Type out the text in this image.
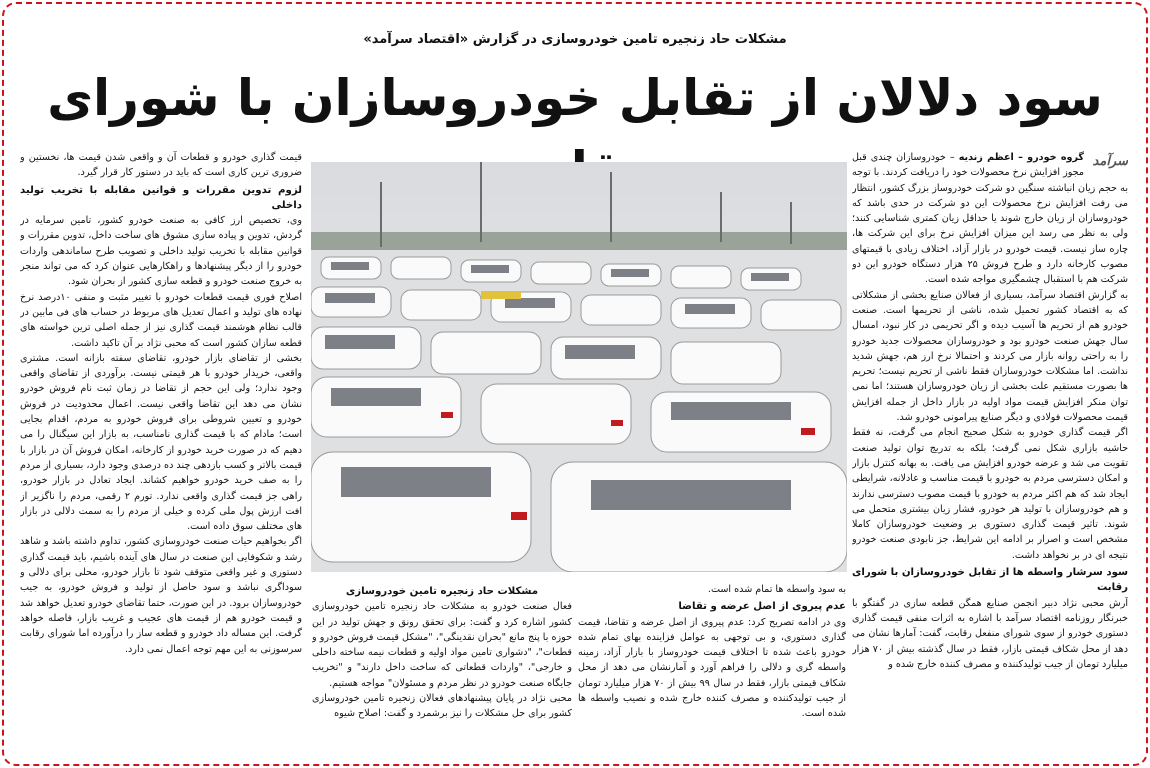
مشکلات حاد زنجیره تامین خودروسازی در گزارش «اقتصاد سرآمد»
سود دلالان از تقابل خودروسازان با شورای
سرآمد

گروه خودرو – اعظم زندیه – خودروسازان چندی قبل مجوز افزایش نرخ محصولات خود را دریافت کردند. با توجه به حجم زیان انباشته سنگین دو شرکت خودروساز بزرگ کشور، انتظار می رفت افزایش نرخ محصولات این دو شرکت در حدی باشد که خودروسازان از زیان خارج شوند یا حداقل زیان کمتری شناسایی کنند؛ ولی به نظر می رسد این میزان افزایش نرخ برای این شرکت ها، چاره ساز نیست. قیمت خودرو در بازار آزاد، اختلاف زیادی با قیمتهای مصوب کارخانه دارد و طرح فروش ۲۵ هزار دستگاه خودرو این دو شرکت هم با استقبال چشمگیری مواجه شده است.

به گزارش اقتصاد سرآمد، بسیاری از فعالان صنایع بخشی از مشکلاتی که به اقتصاد کشور تحمیل شده، ناشی از تحریمها است. صنعت خودرو هم از تحریم ها آسیب دیده و اگر تحریمی در کار نبود، امسال سال جهش صنعت خودرو بود و خودروسازان محصولات جدید خودرو را به راحتی روانه بازار می کردند و احتمالا نرخ ارز هم، جهش شدید نداشت. اما مشکلات خودروسازان فقط ناشی از تحریم نیست؛ تحریم ها بصورت مستقیم علت بخشی از زیان خودروسازان هستند؛ اما نمی توان منکر افزایش قیمت مواد اولیه در بازار داخل از جمله افزایش قیمت محصولات فولادی و دیگر صنایع پیرامونی خودرو شد.

اگر قیمت گذاری خودرو به شکل صحیح انجام می گرفت، نه فقط حاشیه بازاری شکل نمی گرفت؛ بلکه به تدریج توان تولید صنعت تقویت می شد و عرضه خودرو افزایش می یافت. به بهانه کنترل بازار و امکان دسترسی مردم به خودرو با قیمت مناسب و عادلانه، شرایطی ایجاد شد که هم اکثر مردم به خودرو با قیمت مصوب دسترسی ندارند و هم خودروسازان با تولید هر خودرو، فشار زیان بیشتری متحمل می شوند. تاثیر قیمت گذاری دستوری بر وضعیت خودروسازان کاملا مشخص است و اصرار بر ادامه این شرایط، جز نابودی صنعت خودرو نتیجه ای در بر نخواهد داشت.

سود سرشار واسطه ها از تقابل خودروسازان با شورای رقابت

آرش محبی نژاد دبیر انجمن صنایع همگن قطعه سازی در گفتگو با خبرنگار روزنامه اقتصاد سرآمد با اشاره به اثرات منفی قیمت گذاری دستوری خودرو از سوی شورای منفعل رقابت، گفت: آمارها نشان می دهد از محل شکاف قیمتی بازار، فقط در سال گذشته بیش از ۷۰ هزار میلیارد تومان از جیب تولیدکننده و مصرف کننده خارج شده و

به سود واسطه ها تمام شده است.

عدم پیروی از اصل عرضه و تقاضا

وی در ادامه تصریح کرد: عدم پیروی از اصل عرضه و تقاضا، قیمت گذاری دستوری، و بی توجهی به عوامل فزاینده بهای تمام شده خودرو باعث شده تا اختلاف قیمت خودروساز با بازار آزاد، زمینه واسطه گری و دلالی را فراهم آورد و آمارنشان می دهد از محل شکاف قیمتی بازار، فقط در سال ۹۹ بیش از ۷۰ هزار میلیارد تومان از جیب تولیدکننده و مصرف کننده خارج شده و نصیب واسطه ها شده است.

مشکلات حاد زنجیره تامین خودروسازی

فعال صنعت خودرو به مشکلات حاد زنجیره تامین خودروسازی کشور اشاره کرد و گفت: برای تحقق رونق و جهش تولید در این حوزه با پنج مانع "بحران نقدینگی"، "مشکل قیمت فروش خودرو و قطعات"، "دشواری تامین مواد اولیه و قطعات نیمه ساخته داخلی و خارجی"، "واردات قطعاتی که ساخت داخل دارند" و "تخریب جایگاه صنعت خودرو در نظر مردم و مسئولان" مواجه هستیم.

محبی نژاد در پایان پیشنهادهای فعالان زنجیره تامین خودروسازی کشور برای حل مشکلات را نیز برشمرد و گفت: اصلاح شیوه

قیمت گذاری خودرو و قطعات آن و واقعی شدن قیمت ها، نخستین و ضروری ترین کاری است که باید در دستور کار قرار گیرد.

لزوم تدوین مقررات و قوانین مقابله با تخریب تولید داخلی

وی، تخصیص ارز کافی به صنعت خودرو کشور، تامین سرمایه در گردش، تدوین و پیاده سازی مشوق های ساخت داخل، تدوین مقررات و قوانین مقابله با تخریب تولید داخلی و تصویب طرح ساماندهی واردات خودرو را از دیگر پیشنهادها و راهکارهایی عنوان کرد که می تواند منجر به خروج صنعت خودرو و قطعه سازی کشور از بحران شود.

اصلاح فوری قیمت قطعات خودرو با تغییر مثبت و منفی ۱۰درصد نرخ نهاده های تولید و اعمال تعدیل های مربوط در حساب های فی مابین در قالب نظام هوشمند قیمت گذاری نیز از جمله اصلی ترین خواسته های قطعه سازان کشور است که محبی نژاد بر آن تاکید داشت.

بخشی از تقاضای بازار خودرو، تقاضای سفته بازانه است. مشتری واقعی، خریدار خودرو با هر قیمتی نیست. برآوردی از تقاضای واقعی وجود ندارد؛ ولی این حجم از تقاضا در زمان ثبت نام فروش خودرو نشان می دهد این تقاضا واقعی نیست. اعمال محدودیت در فروش خودرو و تعیین شروطی برای فروش خودرو به مردم، اقدام بجایی است؛ مادام که با قیمت گذاری نامناسب، به بازار این سیگنال را می دهیم که در صورت خرید خودرو از کارخانه، امکان فروش آن در بازار با قیمت بالاتر و کسب بازدهی چند ده درصدی وجود دارد، بسیاری از مردم را به صف خرید خودرو خواهیم کشاند. ایجاد تعادل در بازار خودرو، راهی جز قیمت گذاری واقعی ندارد. تورم ۲ رقمی، مردم را ناگزیر از افت ارزش پول ملی کرده و خیلی از مردم را به سمت دلالی در بازار های مختلف سوق داده است.

اگر بخواهیم حیات صنعت خودروسازی کشور، تداوم داشته باشد و شاهد رشد و شکوفایی این صنعت در سال های آینده باشیم، باید قیمت گذاری دستوری و غیر واقعی متوقف شود تا بازار خودرو، محلی برای دلالی و سوداگری نباشد و سود حاصل از تولید و فروش خودرو، به جیب خودروسازان برود. در این صورت، حتما تقاضای خودرو تعدیل خواهد شد و قیمت خودرو هم از قیمت های عجیب و غریب بازار، فاصله خواهد گرفت. این مساله داد خودرو و قطعه ساز را درآورده اما شورای رقابت سرسوزنی به این مهم توجه اعمال نمی دارد.
